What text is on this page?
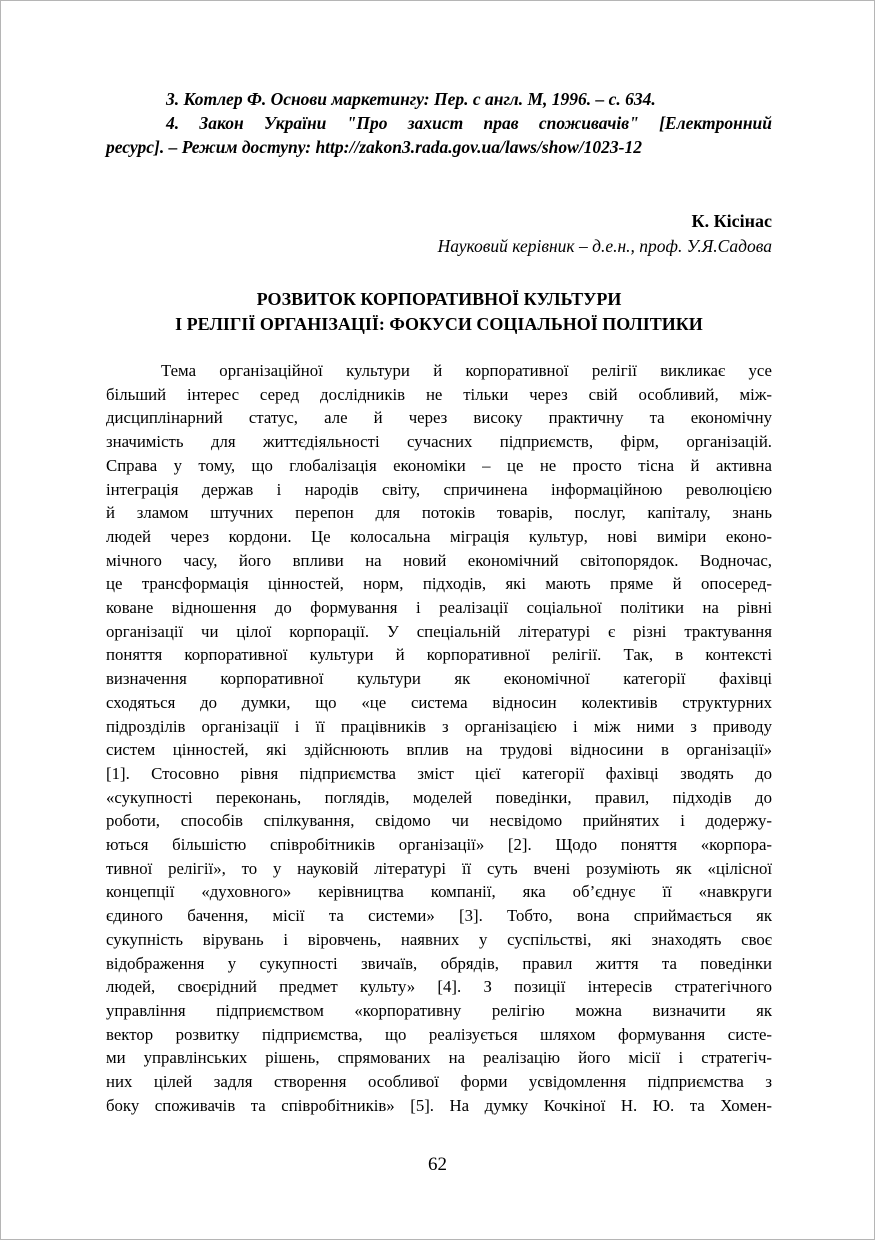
3. Котлер Ф. Основи маркетингу: Пер. с англ. М, 1996. – с. 634.
4. Закон України "Про захист прав споживачів" [Електронний
ресурс]. – Режим доступу: http://zakon3.rada.gov.ua/laws/show/1023-12
К. Кісінас
Науковий керівник – д.е.н., проф. У.Я.Садова
РОЗВИТОК КОРПОРАТИВНОЇ КУЛЬТУРИ
І РЕЛІГІЇ ОРГАНІЗАЦІЇ: ФОКУСИ СОЦІАЛЬНОЇ ПОЛІТИКИ
Тема організаційної культури й корпоративної релігії викликає усе
більший інтерес серед дослідників не тільки через свій особливий, між-
дисциплінарний статус, але й через високу практичну та економічну
значимість для життєдіяльності сучасних підприємств, фірм, організацій.
Справа у тому, що глобалізація економіки – це не просто тісна й активна
інтеграція держав і народів світу, спричинена інформаційною революцією
й зламом штучних перепон для потоків товарів, послуг, капіталу, знань
людей через кордони. Це колосальна міграція культур, нові виміри еконо-
мічного часу, його впливи на новий економічний світопорядок. Водночас,
це трансформація цінностей, норм, підходів, які мають пряме й опосеред-
коване відношення до формування і реалізації соціальної політики на рівні
організації чи цілої корпорації. У спеціальній літературі є різні трактування
поняття корпоративної культури й корпоративної релігії. Так, в контексті
визначення корпоративної культури як економічної категорії фахівці
сходяться до думки, що «це система відносин колективів структурних
підрозділів організації і її працівників з організацією і між ними з приводу
систем цінностей, які здійснюють вплив на трудові відносини в організації»
[1]. Стосовно рівня підприємства зміст цієї категорії фахівці зводять до
«сукупності переконань, поглядів, моделей поведінки, правил, підходів до
роботи, способів спілкування, свідомо чи несвідомо прийнятих і додержу-
ються більшістю співробітників організації» [2]. Щодо поняття «корпора-
тивної релігії», то у науковій літературі її суть вчені розуміють як «цілісної
концепції «духовного» керівництва компанії, яка об’єднує її «навкруги
єдиного бачення, місії та системи» [3]. Тобто, вона сприймається як
сукупність вірувань і віровчень, наявних у суспільстві, які знаходять своє
відображення у сукупності звичаїв, обрядів, правил життя та поведінки
людей, своєрідний предмет культу» [4]. З позиції інтересів стратегічного
управління підприємством «корпоративну релігію можна визначити як
вектор розвитку підприємства, що реалізується шляхом формування систе-
ми управлінських рішень, спрямованих на реалізацію його місії і стратегіч-
них цілей задля створення особливої форми усвідомлення підприємства з
боку споживачів та співробітників» [5]. На думку Кочкіної Н. Ю. та Хомен-
62
